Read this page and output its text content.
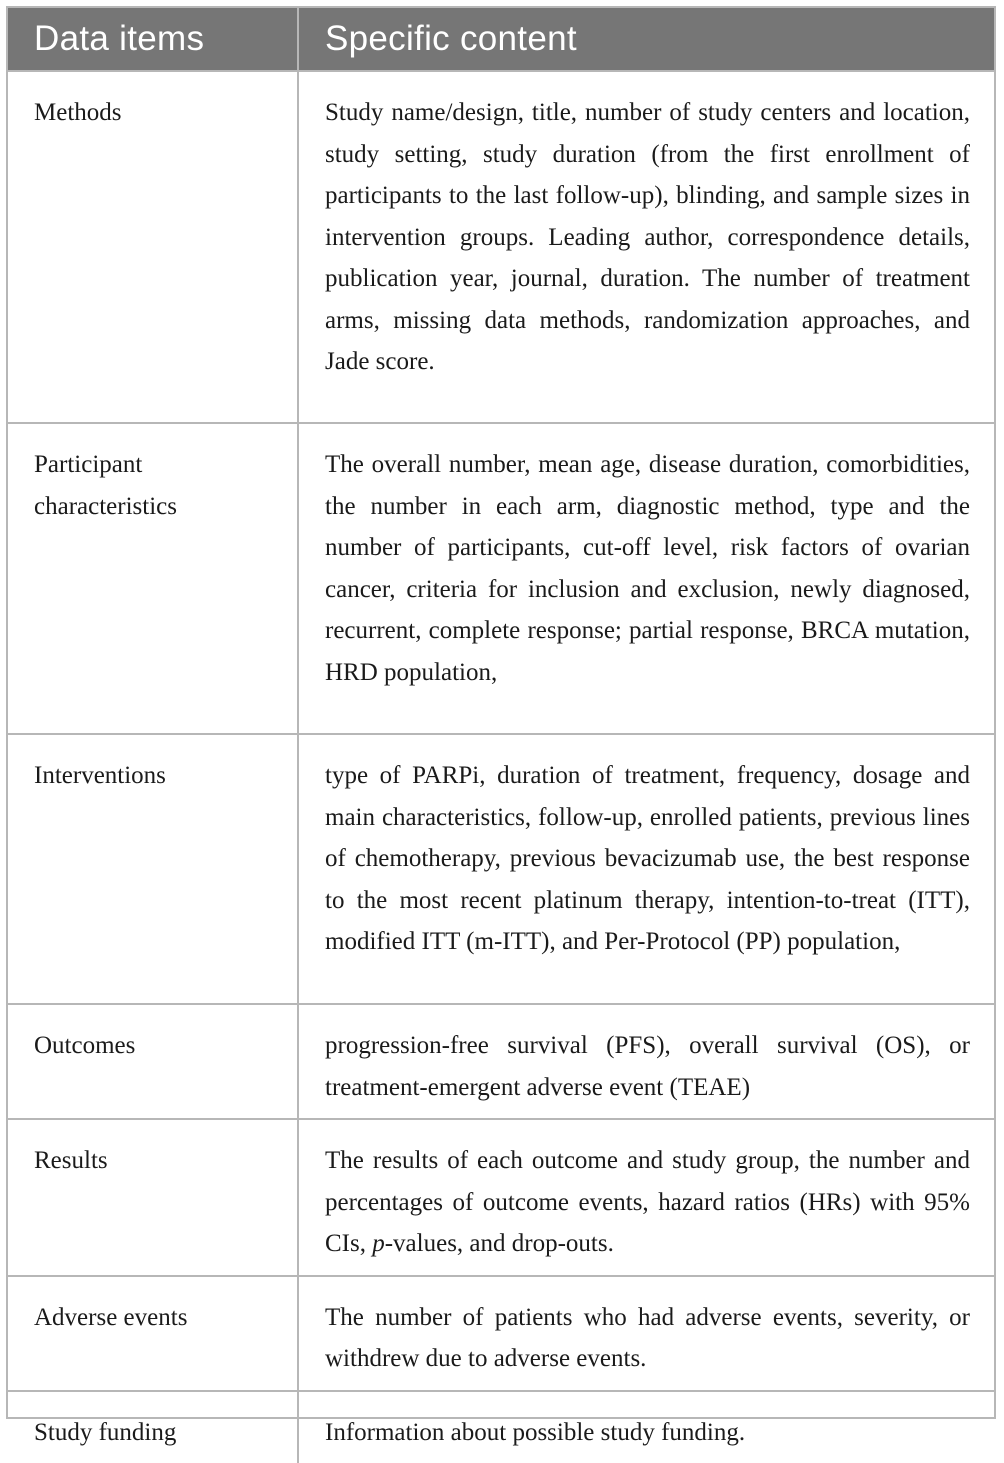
Data items	Specific content
Methods	Study name/design, title, number of study centers and location, study setting, study duration (from the first enrollment of participants to the last follow-up), blinding, and sample sizes in intervention groups. Leading author, correspondence details, publication year, journal, duration. The number of treatment arms, missing data methods, randomization approaches, and Jade score.

Participant characteristics	The overall number, mean age, disease duration, comorbidities, the number in each arm, diagnostic method, type and the number of participants, cut-off level, risk factors of ovarian cancer, criteria for inclusion and exclusion, newly diagnosed, recurrent, complete response; partial response, BRCA mutation, HRD population,

Interventions	type of PARPi, duration of treatment, frequency, dosage and main characteristics, follow-up, enrolled patients, previous lines of chemotherapy, previous bevacizumab use, the best response to the most recent platinum therapy, intention-to-treat (ITT), modified ITT (m-ITT), and Per-Protocol (PP) population,

Outcomes	progression-free survival (PFS), overall survival (OS), or treatment-emergent adverse event (TEAE)

Results	The results of each outcome and study group, the number and percentages of outcome events, hazard ratios (HRs) with 95% CIs, p-values, and drop-outs.

Adverse events	The number of patients who had adverse events, severity, or withdrew due to adverse events.

Study funding	Information about possible study funding.
